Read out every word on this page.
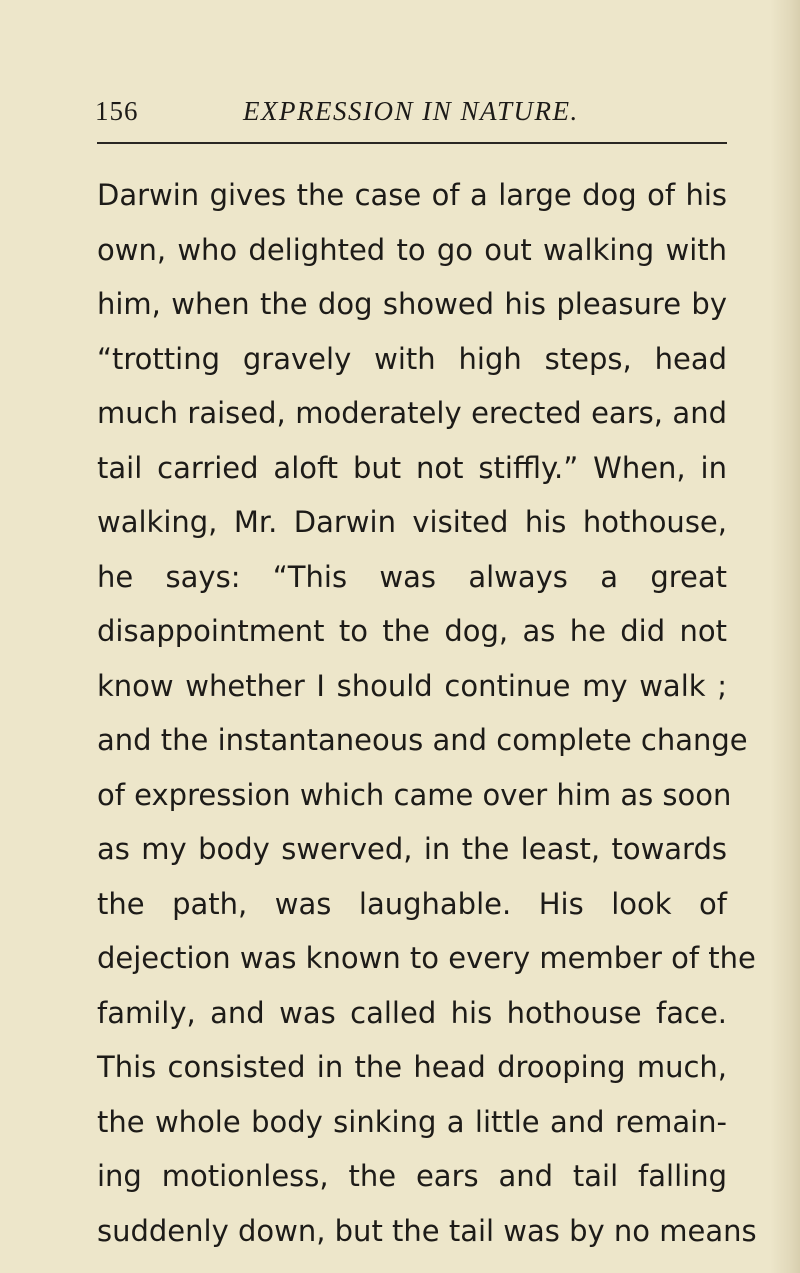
156	EXPRESSION IN NATURE.
Darwin gives the case of a large dog of his
own, who delighted to go out walking with
him, when the dog showed his pleasure by
“trotting gravely with high steps, head
much raised, moderately erected ears, and
tail carried aloft but not stiffly.” When, in
walking, Mr. Darwin visited his hothouse,
he says: “This was always a great
disappointment to the dog, as he did not
know whether I should continue my walk ;
and the instantaneous and complete change
of expression which came over him as soon
as my body swerved, in the least, towards
the path, was laughable. His look of
dejection was known to every member of the
family, and was called his hothouse face.
This consisted in the head drooping much,
the whole body sinking a little and remain-
ing motionless, the ears and tail falling
suddenly down, but the tail was by no means
